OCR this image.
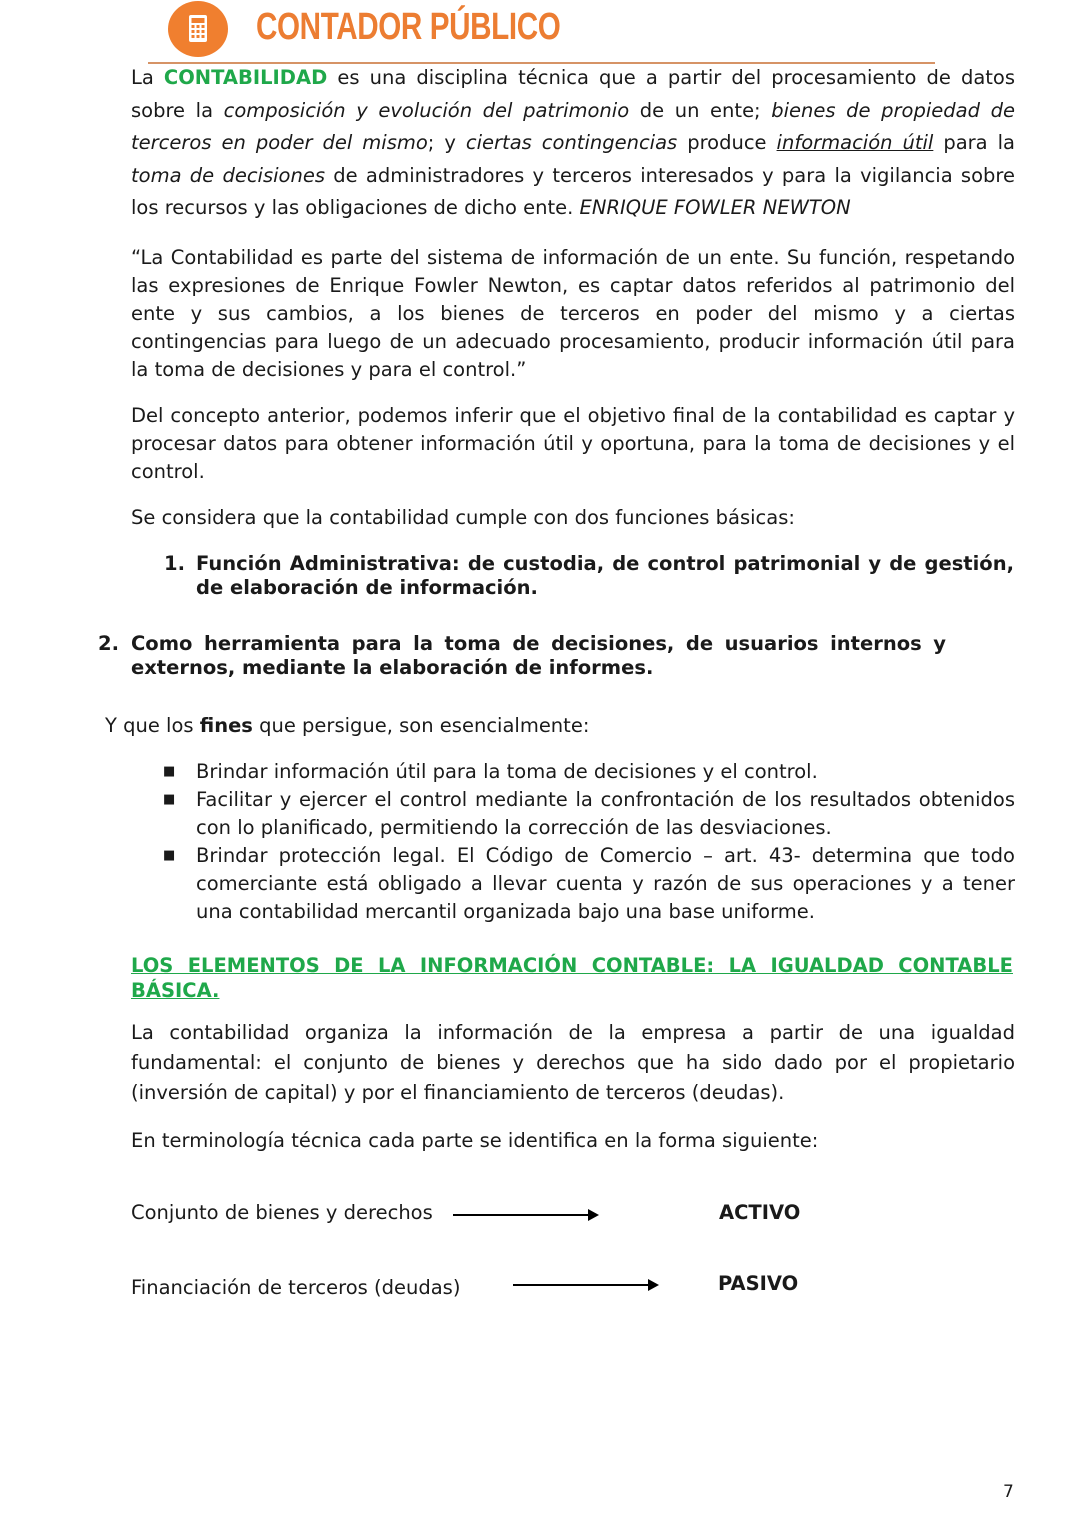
CONTADOR PÚBLICO
La CONTABILIDAD es una disciplina técnica que a partir del procesamiento de datos sobre la composición y evolución del patrimonio de un ente; bienes de propiedad de terceros en poder del mismo; y ciertas contingencias produce información útil para la toma de decisiones de administradores y terceros interesados y para la vigilancia sobre los recursos y las obligaciones de dicho ente. ENRIQUE FOWLER NEWTON
“La Contabilidad es parte del sistema de información de un ente. Su función, respetando las expresiones de Enrique Fowler Newton, es captar datos referidos al patrimonio del ente y sus cambios, a los bienes de terceros en poder del mismo y a ciertas contingencias para luego de un adecuado procesamiento, producir información útil para la toma de decisiones y para el control.”
Del concepto anterior, podemos inferir que el objetivo final de la contabilidad es captar y procesar datos para obtener información útil y oportuna, para la toma de decisiones y el control.
Se considera que la contabilidad cumple con dos funciones básicas:
1. Función Administrativa: de custodia, de control patrimonial y de gestión, de elaboración de información.
2. Como herramienta para la toma de decisiones, de usuarios internos y externos, mediante la elaboración de informes.
Y que los fines que persigue, son esencialmente:
■ Brindar información útil para la toma de decisiones y el control.
■ Facilitar y ejercer el control mediante la confrontación de los resultados obtenidos con lo planificado, permitiendo la corrección de las desviaciones.
■ Brindar protección legal. El Código de Comercio – art. 43- determina que todo comerciante está obligado a llevar cuenta y razón de sus operaciones y a tener una contabilidad mercantil organizada bajo una base uniforme.
LOS ELEMENTOS DE LA INFORMACIÓN CONTABLE: LA IGUALDAD CONTABLE BÁSICA.
La contabilidad organiza la información de la empresa a partir de una igualdad fundamental: el conjunto de bienes y derechos que ha sido dado por el propietario (inversión de capital) y por el financiamiento de terceros (deudas).
En terminología técnica cada parte se identifica en la forma siguiente:
Conjunto de bienes y derechos	ACTIVO
Financiación de terceros (deudas)	PASIVO
7
